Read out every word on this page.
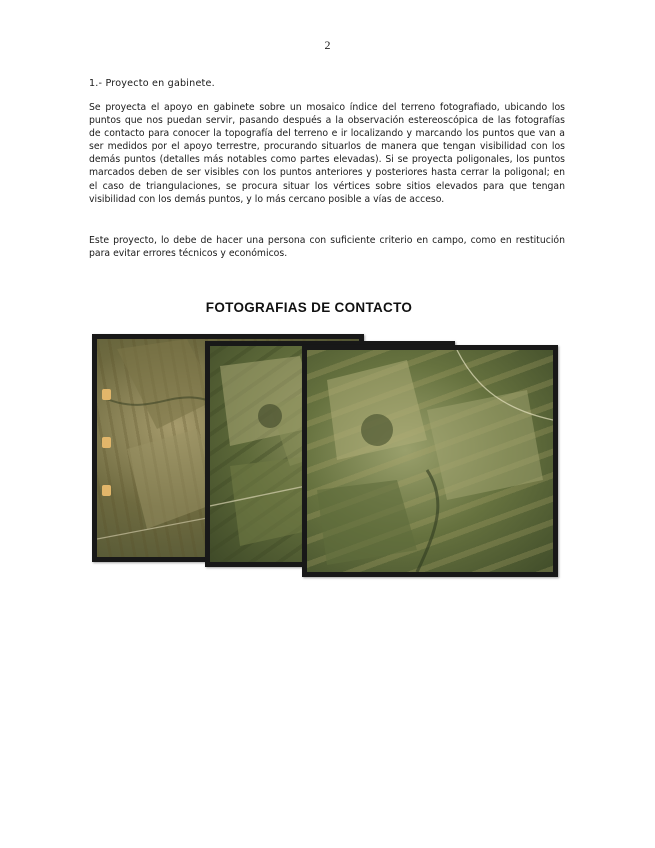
2
1.- Proyecto en gabinete.

Se proyecta el apoyo en gabinete sobre un mosaico índice del terreno fotografiado, ubicando los puntos que nos puedan servir, pasando después a la observación estereoscópica de las fotografías de contacto para conocer la topografía del terreno e ir localizando y marcando los puntos que van a ser medidos por el apoyo terrestre, procurando situarlos de manera que tengan visibilidad con los demás puntos (detalles más notables como partes elevadas). Si se proyecta poligonales, los puntos marcados deben de ser visibles con los puntos anteriores y posteriores hasta cerrar la poligonal; en el caso de triangulaciones, se procura situar los vértices sobre sitios elevados para que tengan visibilidad con los demás puntos, y lo más cercano posible a vías de acceso.

Este proyecto, lo debe de hacer una persona con suficiente criterio en campo, como en restitución para evitar errores técnicos y económicos.

FOTOGRAFIAS DE CONTACTO
